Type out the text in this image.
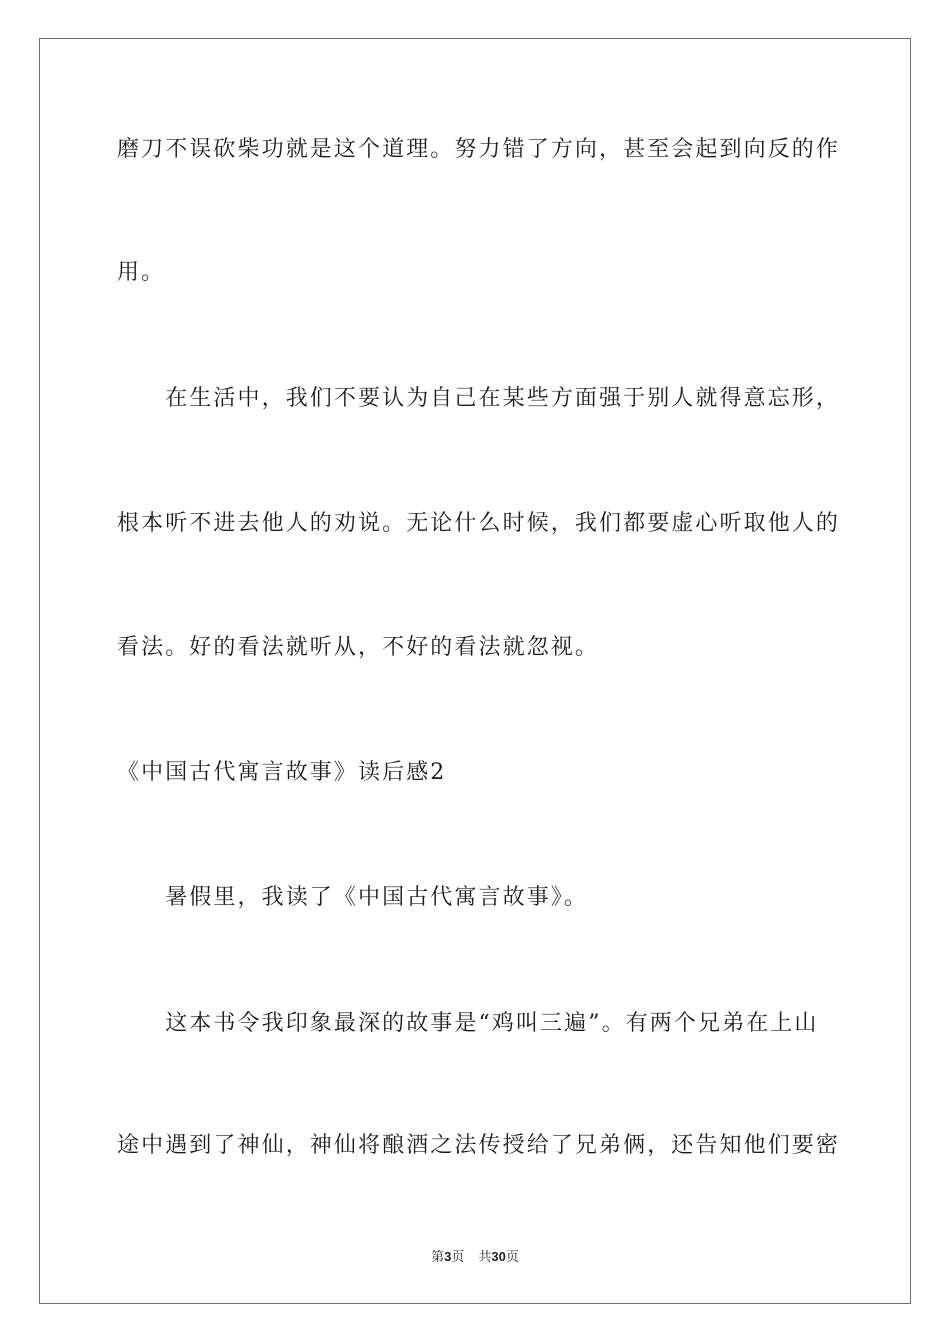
磨刀不误砍柴功就是这个道理。努力错了方向，甚至会起到向反的作
用。
　　在生活中，我们不要认为自己在某些方面强于别人就得意忘形，
根本听不进去他人的劝说。无论什么时候，我们都要虚心听取他人的
看法。好的看法就听从，不好的看法就忽视。
《中国古代寓言故事》读后感2
　　暑假里，我读了《中国古代寓言故事》。
　　这本书令我印象最深的故事是“鸡叫三遍”。有两个兄弟在上山
途中遇到了神仙，神仙将酿酒之法传授给了兄弟俩，还告知他们要密
第3页 共30页
